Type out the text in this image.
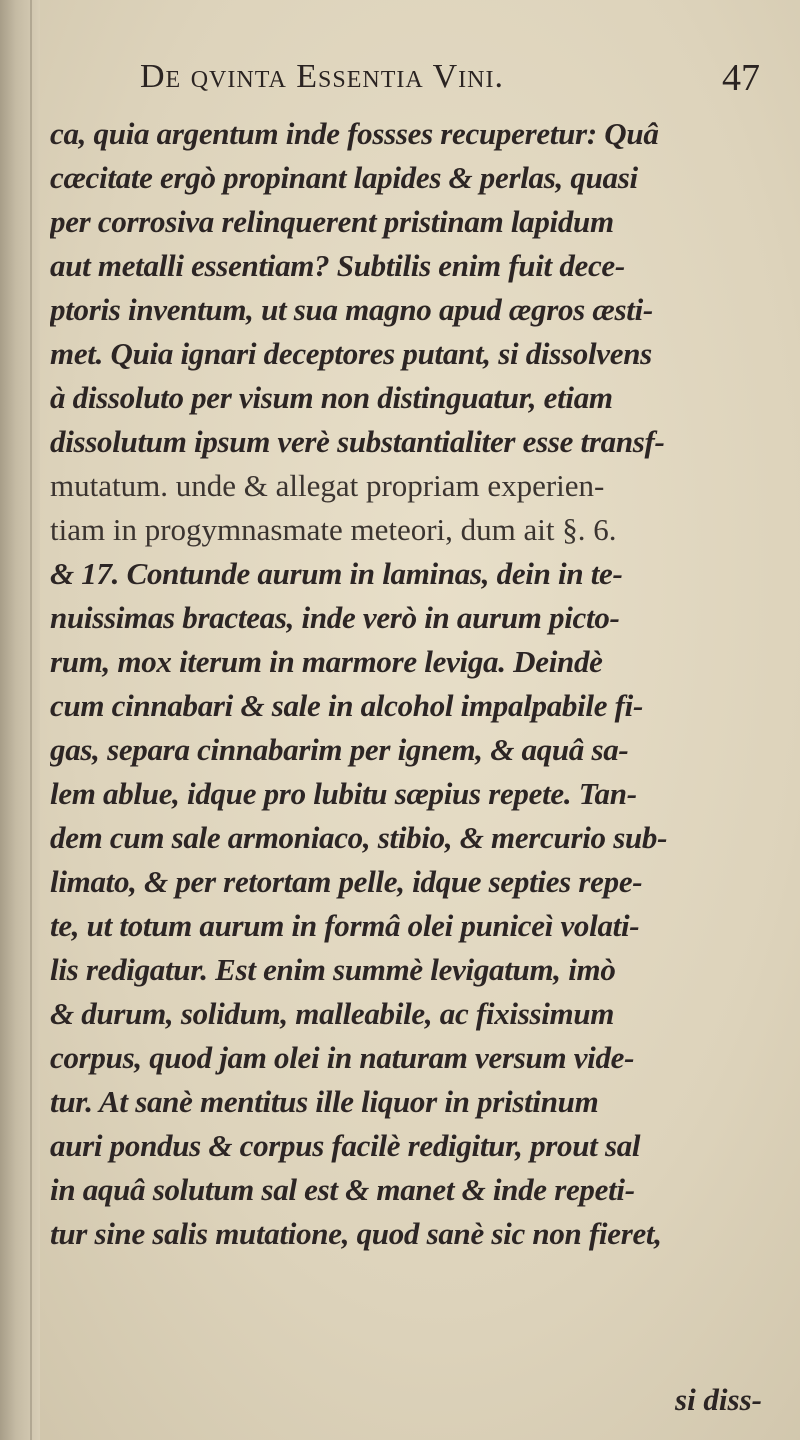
De qvinta Essentia Vini.	47
ca, quia argentum inde fossses recuperetur: Quâ
cæcitate ergò propinant lapides & perlas, quasi
per corrosiva relinquerent pristinam lapidum
aut metalli essentiam? Subtilis enim fuit dece-
ptoris inventum, ut sua magno apud ægros æsti-
met. Quia ignari deceptores putant, si dissolvens
à dissoluto per visum non distinguatur, etiam
dissolutum ipsum verè substantialiter esse transf-
mutatum. unde & allegat propriam experien-
tiam in progymnasmate meteori, dum ait §. 6.
& 17. Contunde aurum in laminas, dein in te-
nuissimas bracteas, inde verò in aurum picto-
rum, mox iterum in marmore leviga. Deindè
cum cinnabari & sale in alcohol impalpabile fi-
gas, separa cinnabarim per ignem, & aquâ sa-
lem ablue, idque pro lubitu sæpius repete. Tan-
dem cum sale armoniaco, stibio, & mercurio sub-
limato, & per retortam pelle, idque septies repe-
te, ut totum aurum in formâ olei puniceì volati-
lis redigatur. Est enim summè levigatum, imò
& durum, solidum, malleabile, ac fixissimum
corpus, quod jam olei in naturam versum vide-
tur. At sanè mentitus ille liquor in pristinum
auri pondus & corpus facilè redigitur, prout sal
in aquâ solutum sal est & manet & inde repeti-
tur sine salis mutatione, quod sanè sic non fieret,
si diss-
